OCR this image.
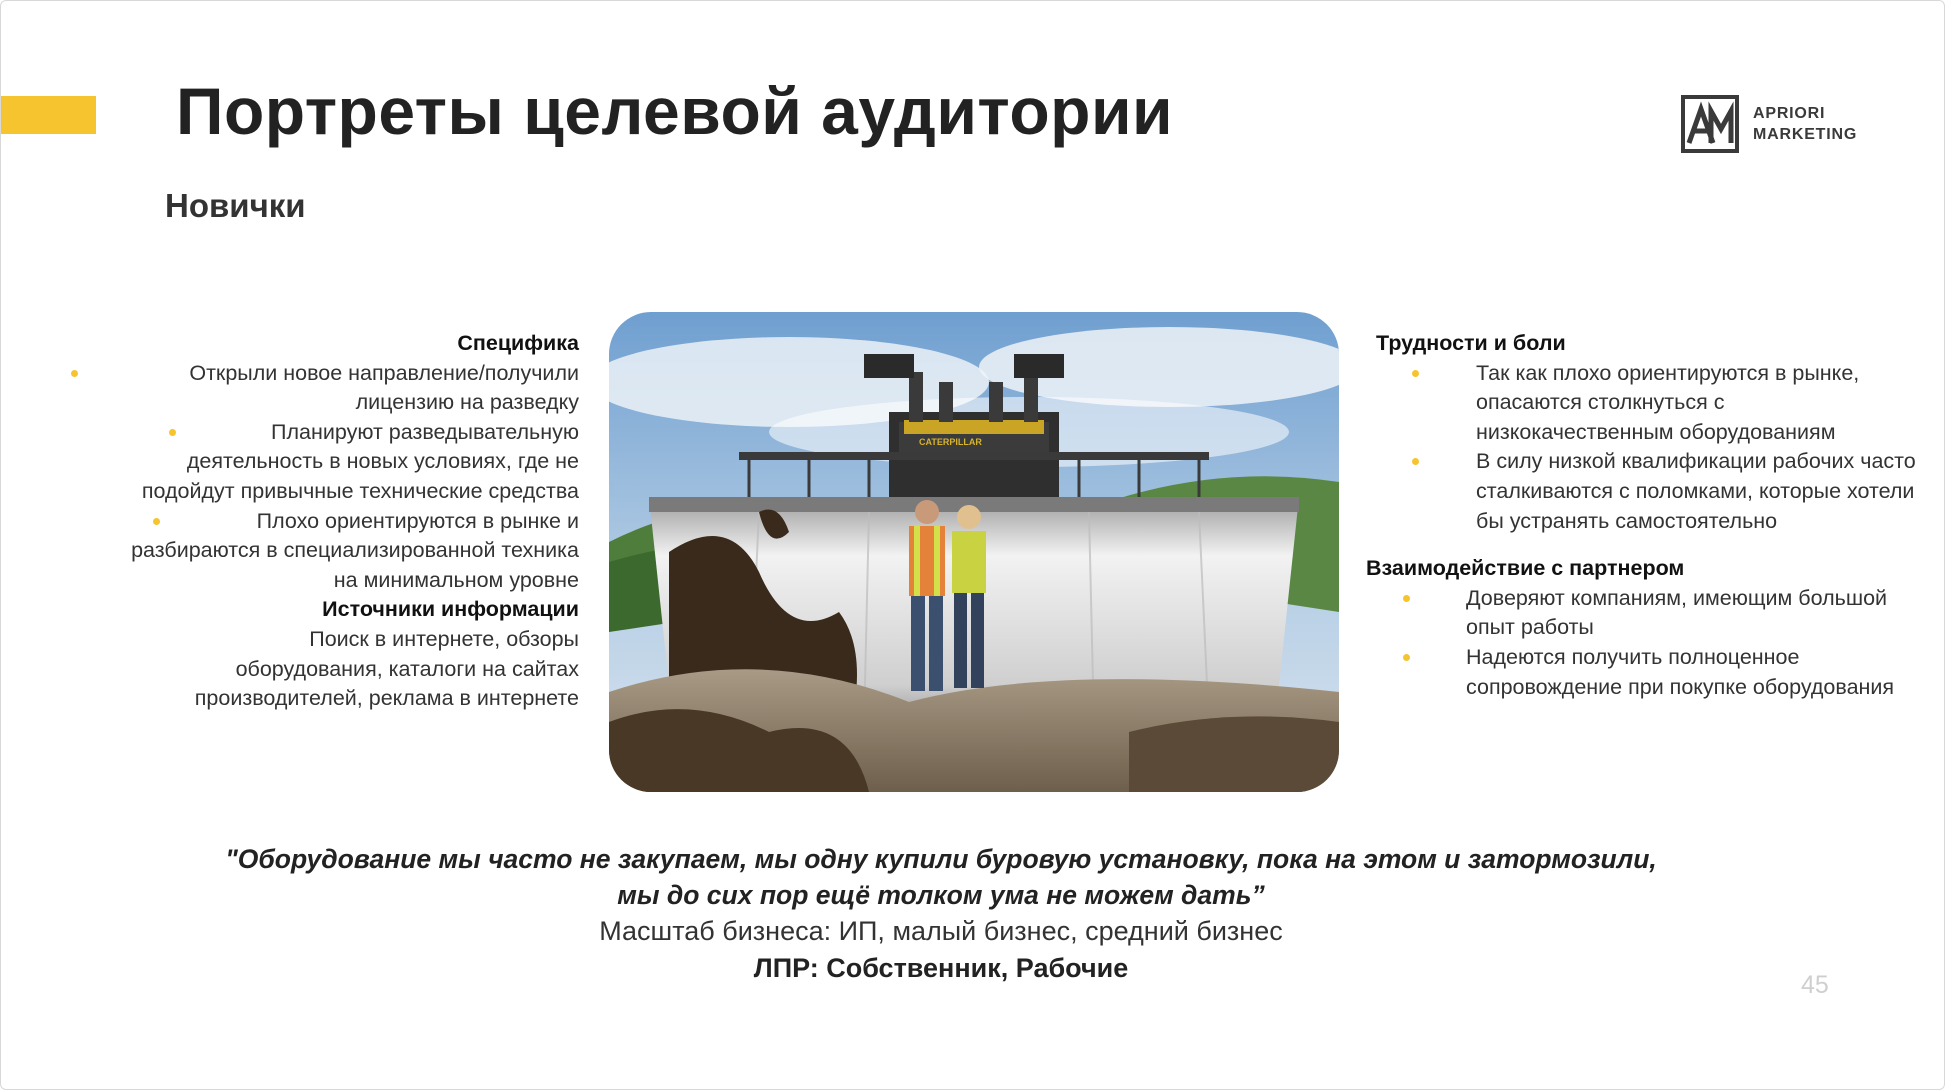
Портреты целевой аудитории
Новички
APRIORI
MARKETING
Специфика
Открыли новое направление/получили лицензию на разведку
Планируют разведывательную деятельность в новых условиях, где не подойдут привычные технические средства
Плохо ориентируются в рынке и разбираются в специализированной техника на минимальном уровне
Источники информации
Поиск в интернете, обзоры оборудования, каталоги на сайтах производителей, реклама в интернете
CATERPILLAR
Трудности и боли
Так как плохо ориентируются в рынке, опасаются столкнуться с низкокачественным оборудованиям
В силу низкой квалификации рабочих часто сталкиваются с поломками, которые хотели бы устранять самостоятельно
Взаимодействие с партнером
Доверяют компаниям, имеющим большой опыт работы
Надеются получить полноценное сопровождение при покупке оборудования
"Оборудование мы часто не закупаем, мы одну купили буровую установку, пока на этом и затормозили,
мы до сих пор ещё толком ума не можем дать”
Масштаб бизнеса: ИП, малый бизнес, средний бизнес
ЛПР: Собственник, Рабочие
45
